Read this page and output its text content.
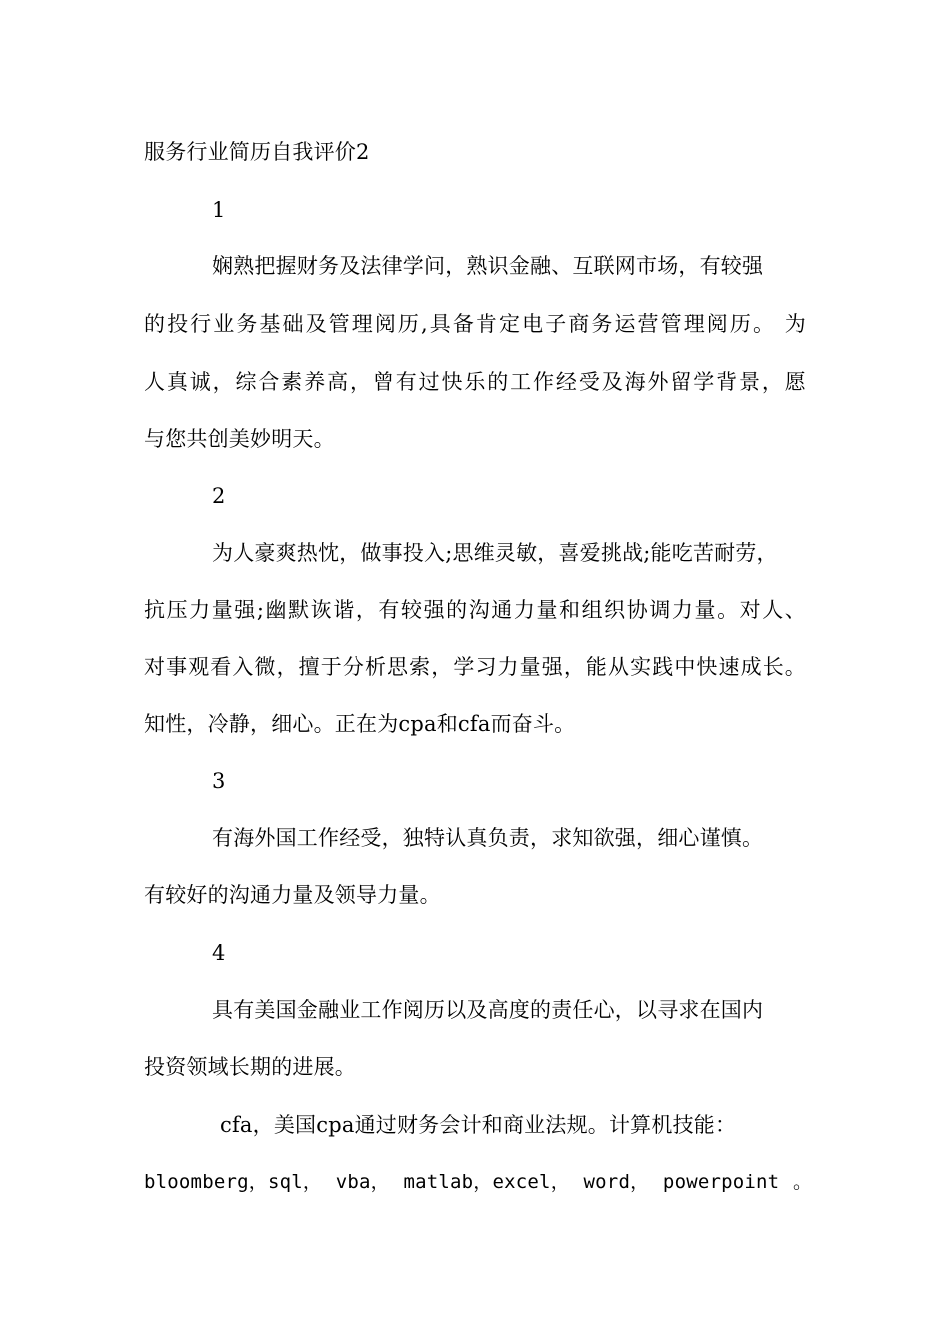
服务行业简历自我评价2
1
娴熟把握财务及法律学问，熟识金融、互联网市场，有较强
的投行业务基础及管理阅历,具备肯定电子商务运营管理阅历。 为
人真诚，综合素养高，曾有过快乐的工作经受及海外留学背景，愿
与您共创美妙明天。
2
为人豪爽热忱，做事投入;思维灵敏，喜爱挑战;能吃苦耐劳，
抗压力量强;幽默诙谐，有较强的沟通力量和组织协调力量。对人、
对事观看入微，擅于分析思索，学习力量强，能从实践中快速成长。
知性，冷静，细心。正在为cpa和cfa而奋斗。
3
有海外国工作经受，独特认真负责，求知欲强，细心谨慎。
有较好的沟通力量及领导力量。
4
具有美国金融业工作阅历以及高度的责任心，以寻求在国内
投资领域长期的进展。
cfa，美国cpa通过财务会计和商业法规。计算机技能：
bloomberg，sql， vba， matlab，excel， word， powerpoint 。
